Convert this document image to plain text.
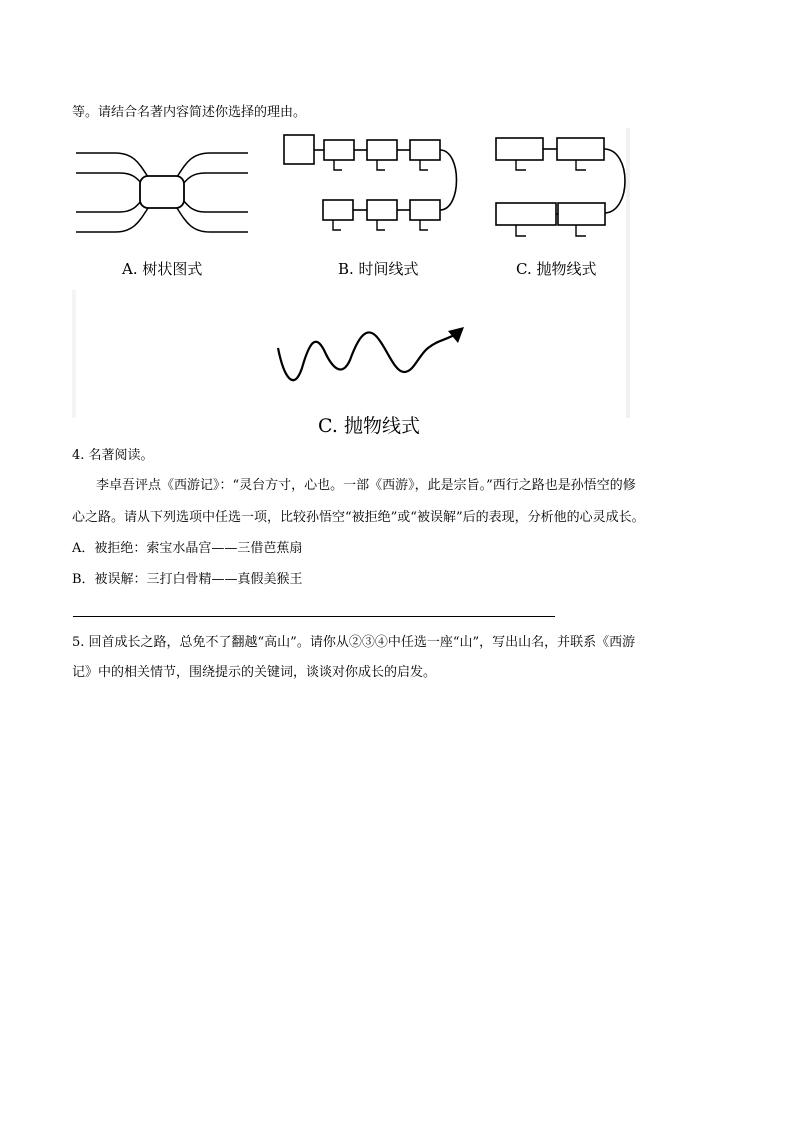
等。请结合名著内容简述你选择的理由。
A. 树状图式	B. 时间线式	C. 抛物线式
C. 抛物线式
4. 名著阅读。
李卓吾评点《西游记》：“灵台方寸，心也。一部《西游》，此是宗旨。”西行之路也是孙悟空的修
心之路。请从下列选项中任选一项，比较孙悟空“被拒绝”或“被误解”后的表现，分析他的心灵成长。
A．被拒绝：索宝水晶宫——三借芭蕉扇
B．被误解：三打白骨精——真假美猴王
5. 回首成长之路，总免不了翻越“高山”。请你从②③④中任选一座“山”，写出山名，并联系《西游
记》中的相关情节，围绕提示的关键词，谈谈对你成长的启发。
